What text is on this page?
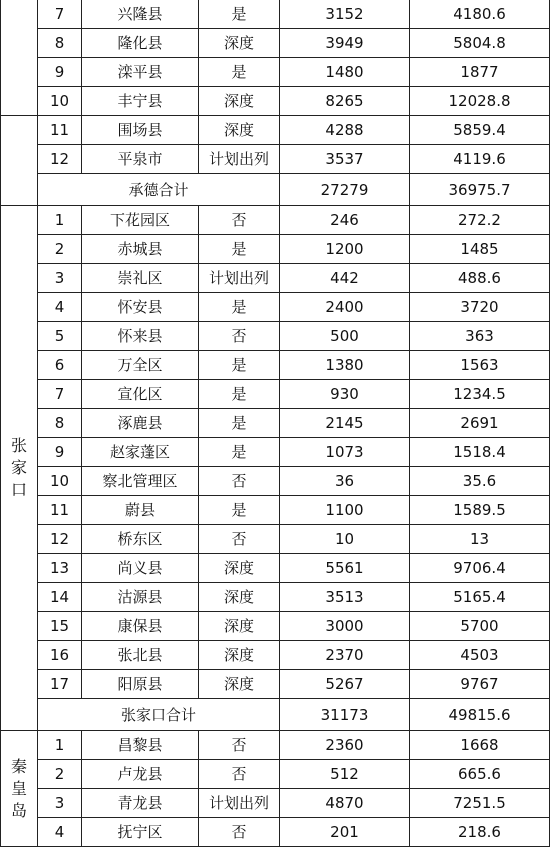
	7	兴隆县	是	3152	4180.6
	8	隆化县	深度	3949	5804.8
	9	滦平县	是	1480	1877
	10	丰宁县	深度	8265	12028.8
	11	围场县	深度	4288	5859.4
	12	平泉市	计划出列	3537	4119.6
	承德合计			27279	36975.7

张
家
口	1	下花园区	否	246	272.2
	2	赤城县	是	1200	1485
	3	崇礼区	计划出列	442	488.6
	4	怀安县	是	2400	3720
	5	怀来县	否	500	363
	6	万全区	是	1380	1563
	7	宣化区	是	930	1234.5
	8	涿鹿县	是	2145	2691
	9	赵家蓬区	是	1073	1518.4
	10	察北管理区	否	36	35.6
	11	蔚县	是	1100	1589.5
	12	桥东区	否	10	13
	13	尚义县	深度	5561	9706.4
	14	沽源县	深度	3513	5165.4
	15	康保县	深度	3000	5700
	16	张北县	深度	2370	4503
	17	阳原县	深度	5267	9767
	张家口合计			31173	49815.6

秦
皇
岛	1	昌黎县	否	2360	1668
	2	卢龙县	否	512	665.6
	3	青龙县	计划出列	4870	7251.5
	4	抚宁区	否	201	218.6
